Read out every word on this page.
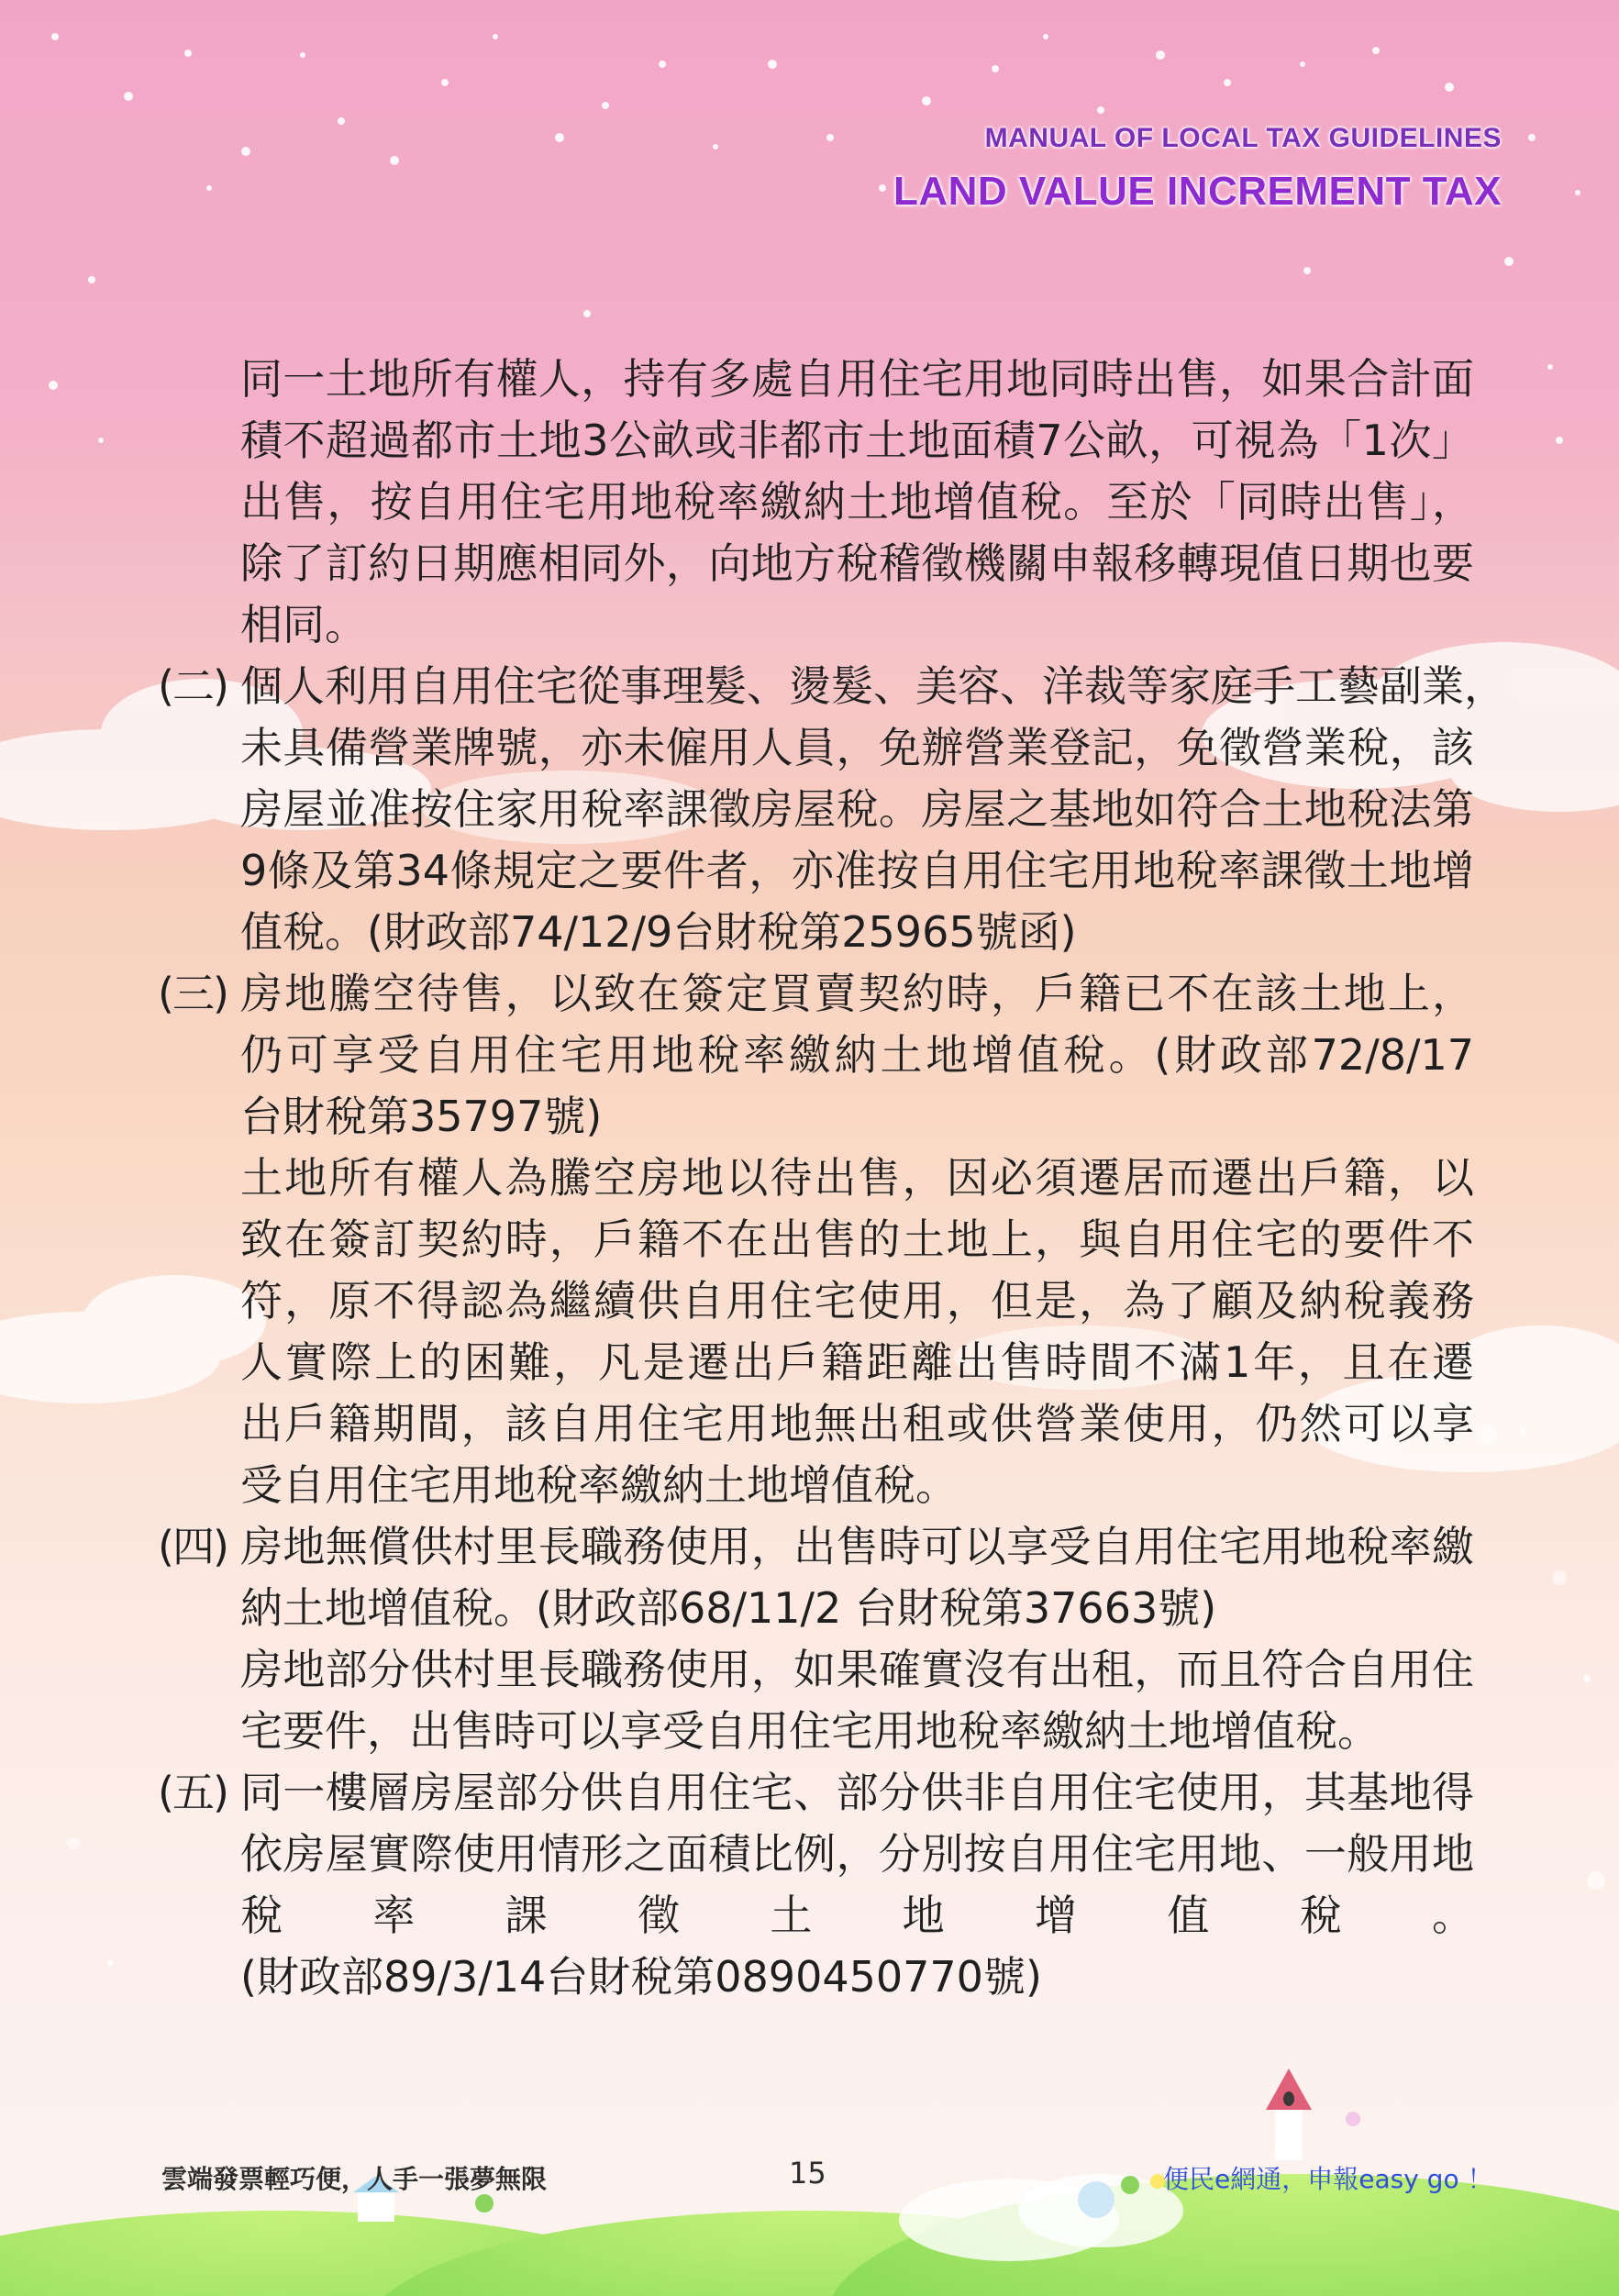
MANUAL OF LOCAL TAX GUIDELINES
LAND VALUE INCREMENT TAX
同一土地所有權人，持有多處自用住宅用地同時出售，如果合計面
積不超過都市土地3公畝或非都市土地面積7公畝，可視為「1次」
出售，按自用住宅用地稅率繳納土地增值稅。至於「同時出售」，
除了訂約日期應相同外，向地方稅稽徵機關申報移轉現值日期也要
相同。
(二) 個人利用自用住宅從事理髮、燙髮、美容、洋裁等家庭手工藝副業，
未具備營業牌號，亦未僱用人員，免辦營業登記，免徵營業稅，該
房屋並准按住家用稅率課徵房屋稅。房屋之基地如符合土地稅法第
9條及第34條規定之要件者，亦准按自用住宅用地稅率課徵土地增
值稅。(財政部74/12/9台財稅第25965號函)
(三) 房地騰空待售，以致在簽定買賣契約時，戶籍已不在該土地上，
仍可享受自用住宅用地稅率繳納土地增值稅。(財政部72/8/17
台財稅第35797號)
土地所有權人為騰空房地以待出售，因必須遷居而遷出戶籍，以
致在簽訂契約時，戶籍不在出售的土地上，與自用住宅的要件不
符，原不得認為繼續供自用住宅使用，但是，為了顧及納稅義務
人實際上的困難，凡是遷出戶籍距離出售時間不滿1年，且在遷
出戶籍期間，該自用住宅用地無出租或供營業使用，仍然可以享
受自用住宅用地稅率繳納土地增值稅。
(四) 房地無償供村里長職務使用，出售時可以享受自用住宅用地稅率繳
納土地增值稅。(財政部68/11/2 台財稅第37663號)
房地部分供村里長職務使用，如果確實沒有出租，而且符合自用住
宅要件，出售時可以享受自用住宅用地稅率繳納土地增值稅。
(五) 同一樓層房屋部分供自用住宅、部分供非自用住宅使用，其基地得
依房屋實際使用情形之面積比例，分別按自用住宅用地、一般用地
稅率課徵土地增值稅。
(財政部89/3/14台財稅第0890450770號)
雲端發票輕巧便，人手一張夢無限	15	便民e網通，申報easy go ！
